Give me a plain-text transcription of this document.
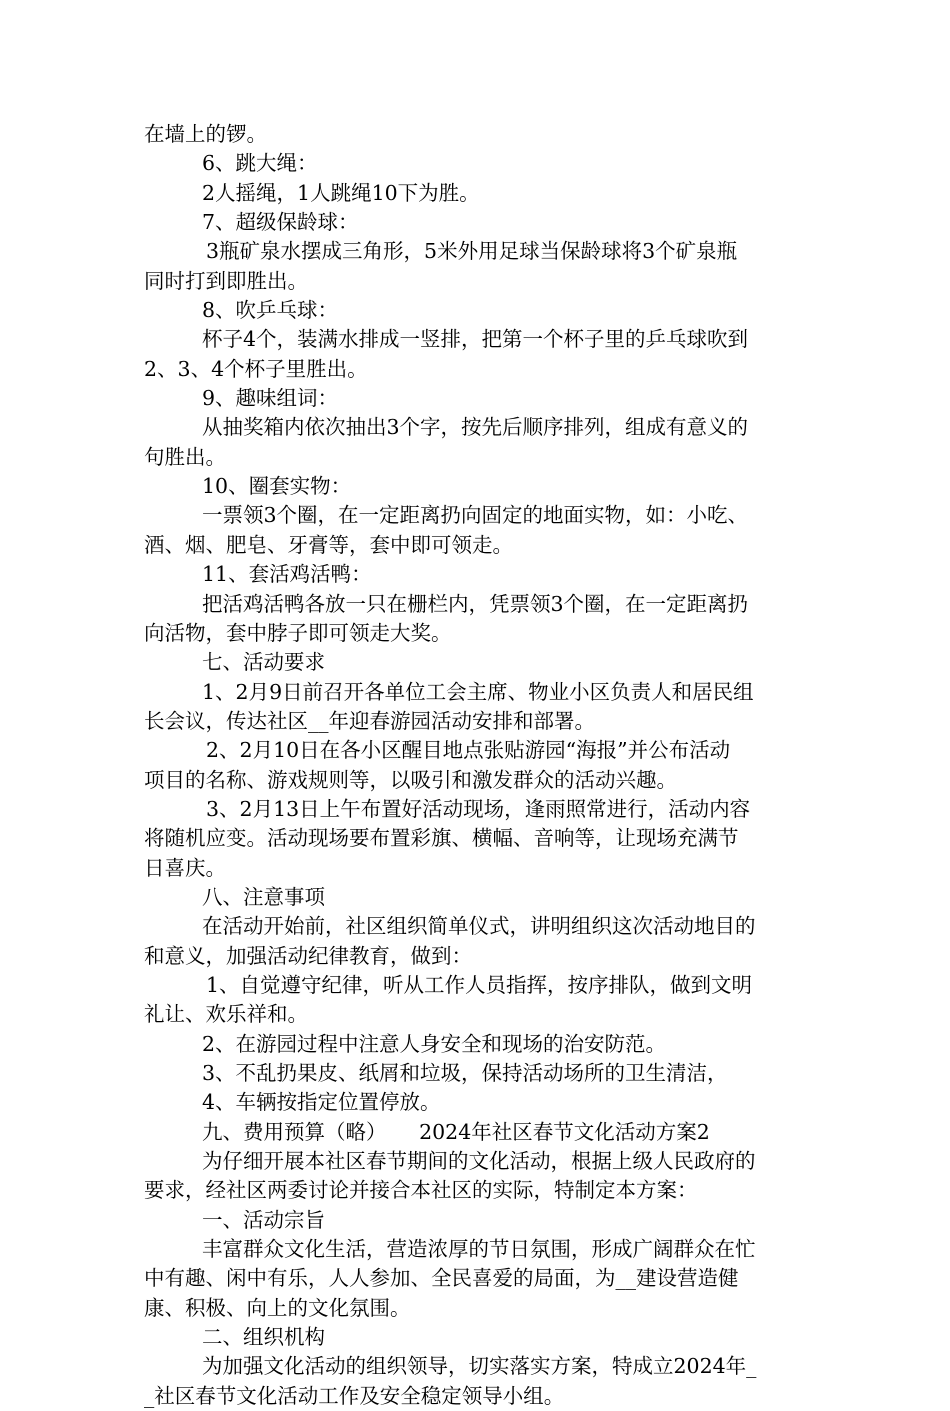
在墙上的锣。
6、跳大绳：
2人摇绳，1人跳绳10下为胜。
7、超级保龄球：
3瓶矿泉水摆成三角形，5米外用足球当保龄球将3个矿泉瓶
同时打到即胜出。
8、吹乒乓球：
杯子4个，装满水排成一竖排，把第一个杯子里的乒乓球吹到
2、3、4个杯子里胜出。
9、趣味组词：
从抽奖箱内依次抽出3个字，按先后顺序排列，组成有意义的
句胜出。
10、圈套实物：
一票领3个圈，在一定距离扔向固定的地面实物，如：小吃、
酒、烟、肥皂、牙膏等，套中即可领走。
11、套活鸡活鸭：
把活鸡活鸭各放一只在栅栏内，凭票领3个圈，在一定距离扔
向活物，套中脖子即可领走大奖。
七、活动要求
1、2月9日前召开各单位工会主席、物业小区负责人和居民组
长会议，传达社区__年迎春游园活动安排和部署。
2、2月10日在各小区醒目地点张贴游园“海报”并公布活动
项目的名称、游戏规则等，以吸引和激发群众的活动兴趣。
3、2月13日上午布置好活动现场，逢雨照常进行，活动内容
将随机应变。活动现场要布置彩旗、横幅、音响等，让现场充满节
日喜庆。
八、注意事项
在活动开始前，社区组织简单仪式，讲明组织这次活动地目的
和意义，加强活动纪律教育，做到：
1、自觉遵守纪律，听从工作人员指挥，按序排队，做到文明
礼让、欢乐祥和。
2、在游园过程中注意人身安全和现场的治安防范。
3、不乱扔果皮、纸屑和垃圾，保持活动场所的卫生清洁，
4、车辆按指定位置停放。
九、费用预算（略）     2024年社区春节文化活动方案2
为仔细开展本社区春节期间的文化活动，根据上级人民政府的
要求，经社区两委讨论并接合本社区的实际，特制定本方案：
一、活动宗旨
丰富群众文化生活，营造浓厚的节日氛围，形成广阔群众在忙
中有趣、闲中有乐，人人参加、全民喜爱的局面，为__建设营造健
康、积极、向上的文化氛围。
二、组织机构
为加强文化活动的组织领导，切实落实方案，特成立2024年_
_社区春节文化活动工作及安全稳定领导小组。
